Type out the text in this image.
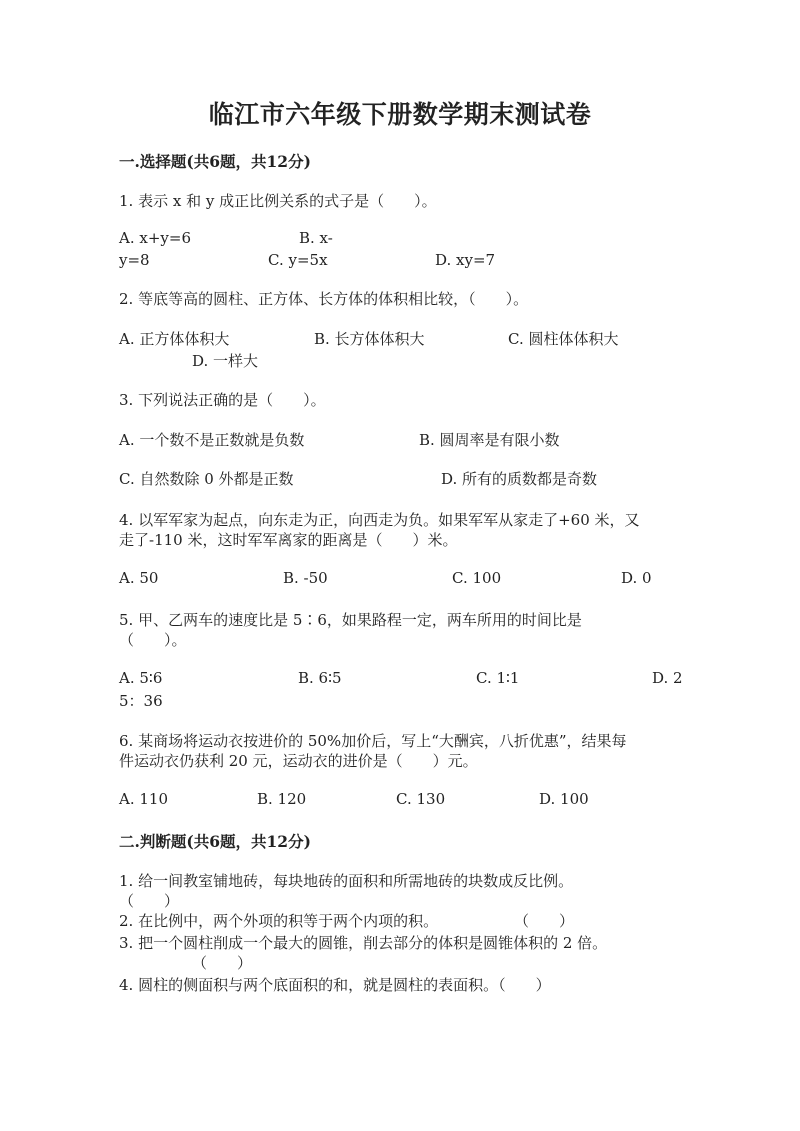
临江市六年级下册数学期末测试卷
一.选择题(共6题，共12分)
1. 表示 x 和 y 成正比例关系的式子是（　　）。
A. x+y=6	B. x-
y=8	C. y=5x	D. xy=7
2. 等底等高的圆柱、正方体、长方体的体积相比较，（　　）。
A. 正方体体积大	B. 长方体体积大	C. 圆柱体体积大
D. 一样大
3. 下列说法正确的是（　　）。
A. 一个数不是正数就是负数	B. 圆周率是有限小数
C. 自然数除 0 外都是正数	D. 所有的质数都是奇数
4. 以军军家为起点，向东走为正，向西走为负。如果军军从家走了+60 米，又
走了-110 米，这时军军离家的距离是（　　）米。
A. 50	B. -50	C. 100	D. 0
5. 甲、乙两车的速度比是 5∶6，如果路程一定，两车所用的时间比是
（　　）。
A. 5∶6	B. 6∶5	C. 1∶1	D. 2
5：36
6. 某商场将运动衣按进价的 50%加价后，写上“大酬宾，八折优惠”，结果每
件运动衣仍获利 20 元，运动衣的进价是（　　）元。
A. 110	B. 120	C. 130	D. 100
二.判断题(共6题，共12分)
1. 给一间教室铺地砖，每块地砖的面积和所需地砖的块数成反比例。
（　　）
2. 在比例中，两个外项的积等于两个内项的积。	（　　）
3. 把一个圆柱削成一个最大的圆锥，削去部分的体积是圆锥体积的 2 倍。
（　　）
4. 圆柱的侧面积与两个底面积的和，就是圆柱的表面积。（　　）
